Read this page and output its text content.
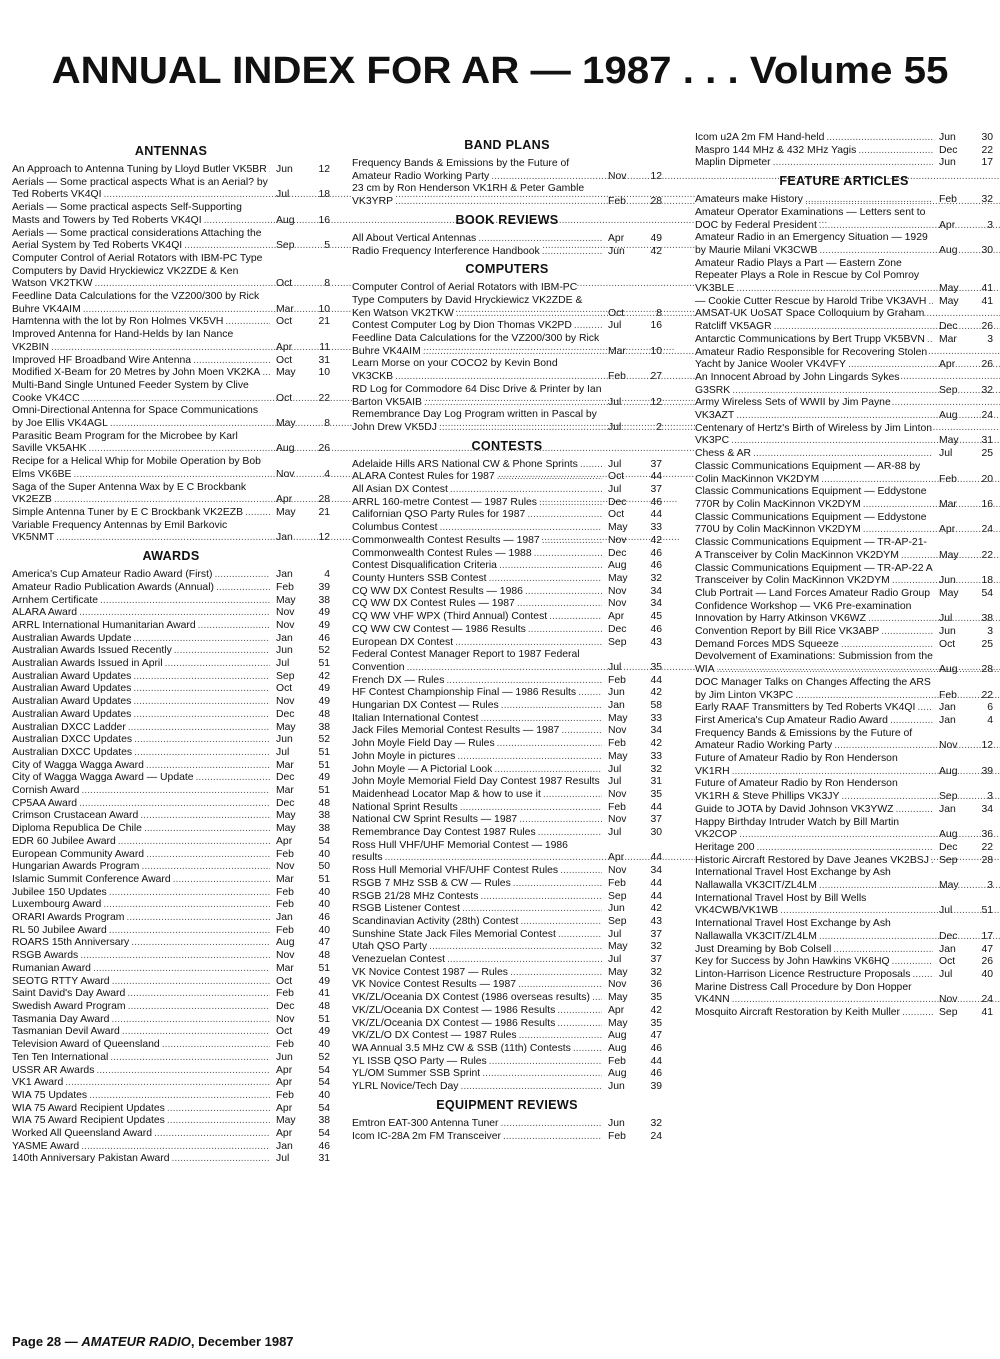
ANNUAL INDEX FOR AR — 1987 . . . Volume 55
ANTENNAS
An Approach to Antenna Tuning by Lloyd Butler VK5BR ..... Jun	12
Aerials — Some practical aspects What is an Aerial? by Ted Roberts VK4QI .....	Jul	18
Aerials — Some practical aspects Self-Supporting Masts and Towers by Ted Roberts VK4QI .....	Aug	16
Aerials — Some practical considerations Attaching the Aerial System by Ted Roberts VK4QI .....	Sep	5
Computer Control of Aerial Rotators with IBM-PC Type Computers by David Hryckiewicz VK2ZDE & Ken Watson VK2TKW .....	Oct	8
Feedline Data Calculations for the VZ200/300 by Rick Buhre VK4AIM .....	Mar	10
Hamtenna with the lot by Ron Holmes VK5VH .....	Oct	21
Improved Antenna for Hand-Helds by Ian Nance VK2BIN .....	Apr	11
Improved HF Broadband Wire Antenna .....	Oct	31
Modified X-Beam for 20 Metres by John Moen VK2KA .....	May	10
Multi-Band Single Untuned Feeder System by Clive Cooke VK4CC .....	Oct	22
Omni-Directional Antenna for Space Communications by Joe Ellis VK4AGL .....	May	8
Parasitic Beam Program for the Microbee by Karl Saville VK5AHK .....	Aug	26
Recipe for a Helical Whip for Mobile Operation by Bob Elms VK6BE .....	Nov	4
Saga of the Super Antenna Wax by E C Brockbank VK2EZB .....	Apr	28
Simple Antenna Tuner by E C Brockbank VK2EZB .....	May	21
Variable Frequency Antennas by Emil Barkovic VK5NMT .....	Jan	12
AWARDS
America's Cup Amateur Radio Award (First) .....	Jan	4
Amateur Radio Publication Awards (Annual) .....	Feb	39
Arnhem Certificate .....	May	38
ALARA Award .....	Nov	49
ARRL International Humanitarian Award .....	Nov	49
Australian Awards Update .....	Jan	46
Australian Awards Issued Recently .....	Jun	52
Australian Awards Issued in April .....	Jul	51
Australian Award Updates .....	Sep	42
Australian Award Updates .....	Oct	49
Australian Award Updates .....	Nov	49
Australian Award Updates .....	Dec	48
Australian DXCC Ladder .....	May	38
Australian DXCC Updates .....	Jun	52
Australian DXCC Updates .....	Jul	51
City of Wagga Wagga Award .....	Mar	51
City of Wagga Wagga Award — Update .....	Dec	49
Cornish Award .....	Mar	51
CP5AA Award .....	Dec	48
Crimson Crustacean Award .....	May	38
Diploma Republica De Chile .....	May	38
EDR 60 Jubilee Award .....	Apr	54
European Community Award .....	Feb	40
Hungarian Awards Program .....	Nov	50
Islamic Summit Conference Award .....	Mar	51
Jubilee 150 Updates .....	Feb	40
Luxembourg Award .....	Feb	40
ORARI Awards Program .....	Jan	46
RL 50 Jubilee Award .....	Feb	40
ROARS 15th Anniversary .....	Aug	47
RSGB Awards .....	Nov	48
Rumanian Award .....	Mar	51
SEOTG RTTY Award .....	Oct	49
Saint David's Day Award .....	Feb	41
Swedish Award Program .....	Dec	48
Tasmania Day Award .....	Nov	51
Tasmanian Devil Award .....	Oct	49
Television Award of Queensland .....	Feb	40
Ten Ten International .....	Jun	52
USSR AR Awards .....	Apr	54
VK1 Award .....	Apr	54
WIA 75 Updates .....	Feb	40
WIA 75 Award Recipient Updates .....	Apr	54
WIA 75 Award Recipient Updates .....	May	38
Worked All Queensland Award .....	Apr	54
YASME Award .....	Jan	46
140th Anniversary Pakistan Award .....	Jul	31
BAND PLANS
Frequency Bands & Emissions by the Future of Amateur Radio Working Party .....	Nov	12
23 cm by Ron Henderson VK1RH & Peter Gamble VK3YRP .....	Feb	28
BOOK REVIEWS
All About Vertical Antennas .....	Apr	49
Radio Frequency Interference Handbook .....	Jun	42
COMPUTERS
Computer Control of Aerial Rotators with IBM-PC Type Computers by David Hryckiewicz VK2ZDE & Ken Watson VK2TKW .....	Oct	8
Contest Computer Log by Dion Thomas VK2PD .....	Jul	16
Feedline Data Calculations for the VZ200/300 by Rick Buhre VK4AIM .....	Mar	10
Learn Morse on your COCO2 by Kevin Bond VK3CKB .....	Feb	27
RD Log for Commodore 64 Disc Drive & Printer by Ian Barton VK5AIB .....	Jul	12
Remembrance Day Log Program written in Pascal by John Drew VK5DJ .....	Jul	2
CONTESTS
Adelaide Hills ARS National CW & Phone Sprints .....	Jul	37
ALARA Contest Rules for 1987 .....	Oct	44
All Asian DX Contest .....	Jul	37
ARRL 160-metre Contest — 1987 Rules .....	Dec	46
Californian QSO Party Rules for 1987 .....	Oct	44
Columbus Contest .....	May	33
Commonwealth Contest Results — 1987 .....	Nov	42
Commonwealth Contest Rules — 1988 .....	Dec	46
Contest Disqualification Criteria .....	Aug	46
County Hunters SSB Contest .....	May	32
CQ WW DX Contest Results — 1986 .....	Nov	34
CQ WW DX Contest Rules — 1987 .....	Nov	34
CQ WW VHF WPX (Third Annual) Contest .....	Apr	45
CQ WW CW Contest — 1986 Results .....	Dec	46
European DX Contest .....	Sep	43
Federal Contest Manager Report to 1987 Federal Convention .....	Jul	35
French DX — Rules .....	Feb	44
HF Contest Championship Final — 1986 Results .....	Jun	42
Hungarian DX Contest — Rules .....	Jan	58
Italian International Contest .....	May	33
Jack Files Memorial Contest Results — 1987 .....	Nov	34
John Moyle Field Day — Rules .....	Feb	42
John Moyle in pictures .....	May	33
John Moyle — A Pictorial Look .....	Jul	32
John Moyle Memorial Field Day Contest 1987 Results ..... Jul	31
Maidenhead Locator Map & how to use it .....	Nov	35
National Sprint Results .....	Feb	44
National CW Sprint Results — 1987 .....	Nov	37
Remembrance Day Contest 1987 Rules .....	Jul	30
Ross Hull VHF/UHF Memorial Contest — 1986 results .....	Apr	44
Ross Hull Memorial VHF/UHF Contest Rules .....	Nov	34
RSGB 7 MHz SSB & CW — Rules .....	Feb	44
RSGB 21/28 MHz Contests .....	Sep	44
RSGB Listener Contest .....	Jun	42
Scandinavian Activity (28th) Contest .....	Sep	43
Sunshine State Jack Files Memorial Contest .....	Jul	37
Utah QSO Party .....	May	32
Venezuelan Contest .....	Jul	37
VK Novice Contest 1987 — Rules .....	May	32
VK Novice Contest Results — 1987 .....	Nov	36
VK/ZL/Oceania DX Contest (1986 overseas results) .....	May	35
VK/ZL/Oceania DX Contest — 1986 Results .....	Apr	42
VK/ZL/Oceania DX Contest — 1986 Results .....	May	35
VK/ZL/O DX Contest — 1987 Rules .....	Aug	47
WA Annual 3.5 MHz CW & SSB (11th) Contests .....	Aug	46
YL ISSB QSO Party — Rules .....	Feb	44
YL/OM Summer SSB Sprint .....	Aug	46
YLRL Novice/Tech Day .....	Jun	39
EQUIPMENT REVIEWS
Emtron EAT-300 Antenna Tuner .....	Jun	32
Icom IC-28A 2m FM Transceiver .....	Feb	24
Icom u2A 2m FM Hand-held .....	Jun	30
Maspro 144 MHz & 432 MHz Yagis .....	Dec	22
Maplin Dipmeter .....	Jun	17
FEATURE ARTICLES
Amateurs make History .....	Feb	32
Amateur Operator Examinations — Letters sent to DOC by Federal President .....	Apr	3
Amateur Radio in an Emergency Situation — 1929 by Maurie Milani VK3CWB .....	Aug	30
Amateur Radio Plays a Part — Eastern Zone Repeater Plays a Role in Rescue by Col Pomroy VK3BLE .....	May	41
— Cookie Cutter Rescue by Harold Tribe VK3AVH .....	May	41
AMSAT-UK UoSAT Space Colloquium by Graham Ratcliff VK5AGR .....	Dec	26
Antarctic Communications by Bert Trupp VK5BVN .....	Mar	3
Amateur Radio Responsible for Recovering Stolen Yacht by Janice Wooler VK4VFY .....	Apr	26
An Innocent Abroad by John Lingards Sykes G3SRK .....	Sep	32
Army Wireless Sets of WWII by Jim Payne VK3AZT .....	Aug	24
Centenary of Hertz's Birth of Wireless by Jim Linton VK3PC .....	May	31
Chess & AR .....	Jul	25
Classic Communications Equipment — AR-88 by Colin MacKinnon VK2DYM .....	Feb	20
Classic Communications Equipment — Eddystone 770R by Colin MacKinnon VK2DYM .....	Mar	16
Classic Communications Equipment — Eddystone 770U by Colin MacKinnon VK2DYM .....	Apr	24
Classic Communications Equipment — TR-AP-21-A Transceiver by Colin MacKinnon VK2DYM .....	May	22
Classic Communications Equipment — TR-AP-22 A Transceiver by Colin MacKinnon VK2DYM .....	Jun	18
Club Portrait — Land Forces Amateur Radio Group ..... May	54
Confidence Workshop — VK6 Pre-examination Innovation by Harry Atkinson VK6WZ .....	Jul	38
Convention Report by Bill Rice VK3ABP .....	Jun	3
Demand Forces MDS Squeeze .....	Oct	25
Devolvement of Examinations: Submission from the WIA .....	Aug	28
DOC Manager Talks on Changes Affecting the ARS by Jim Linton VK3PC .....	Feb	22
Early RAAF Transmitters by Ted Roberts VK4QI .....	Jan	6
First America's Cup Amateur Radio Award .....	Jan	4
Frequency Bands & Emissions by the Future of Amateur Radio Working Party .....	Nov	12
Future of Amateur Radio by Ron Henderson VK1RH .....	Aug	39
Future of Amateur Radio by Ron Henderson VK1RH & Steve Phillips VK3JY .....	Sep	3
Guide to JOTA by David Johnson VK3YWZ .....	Jan	34
Happy Birthday Intruder Watch by Bill Martin VK2COP .....	Aug	36
Heritage 200 .....	Dec	22
Historic Aircraft Restored by Dave Jeanes VK2BSJ ..... Sep	28
International Travel Host Exchange by Ash Nallawalla VK3CIT/ZL4LM .....	May	3
International Travel Host by Bill Wells VK4CWB/VK1WB .....	Jul	51
International Travel Host Exchange by Ash Nallawalla VK3CIT/ZL4LM .....	Dec	17
Just Dreaming by Bob Colsell .....	Jan	47
Key for Success by John Hawkins VK6HQ .....	Oct	26
Linton-Harrison Licence Restructure Proposals .....	Jul	40
Marine Distress Call Procedure by Don Hopper VK4NN .....	Nov	24
Mosquito Aircraft Restoration by Keith Muller .....	Sep	41
Page 28 — AMATEUR RADIO, December 1987
